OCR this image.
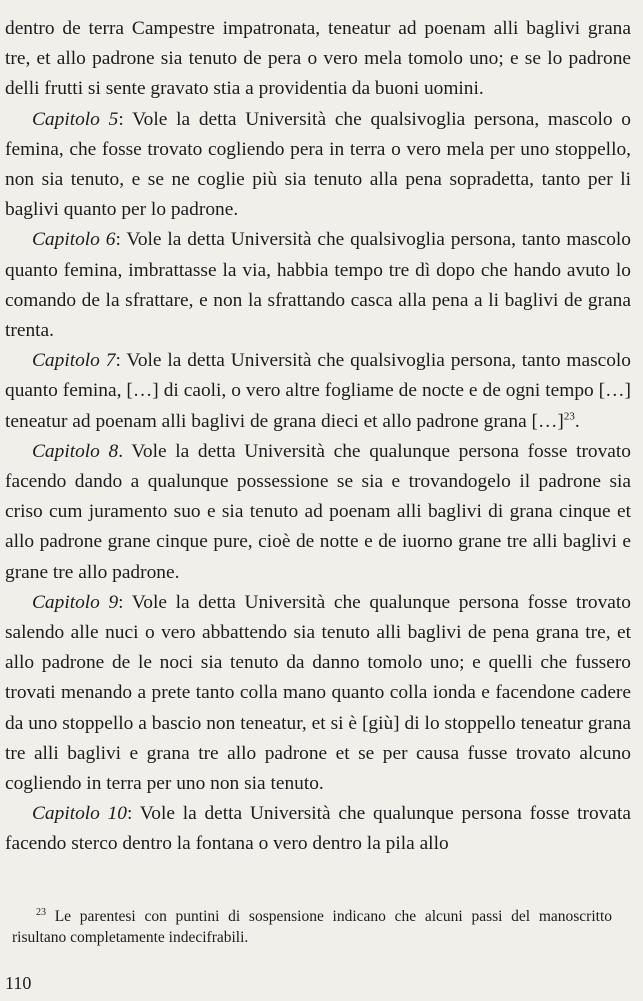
dentro de terra Campestre impatronata, teneatur ad poenam alli baglivi grana tre, et allo padrone sia tenuto de pera o vero mela tomolo uno; e se lo padrone delli frutti si sente gravato stia a providentia da buoni uomini.

Capitolo 5: Vole la detta Università che qualsivoglia persona, mascolo o femina, che fosse trovato cogliendo pera in terra o vero mela per uno stoppello, non sia tenuto, e se ne coglie più sia tenuto alla pena sopradetta, tanto per li baglivi quanto per lo padrone.

Capitolo 6: Vole la detta Università che qualsivoglia persona, tanto mascolo quanto femina, imbrattasse la via, habbia tempo tre dì dopo che hando avuto lo comando de la sfrattare, e non la sfrattando casca alla pena a li baglivi de grana trenta.

Capitolo 7: Vole la detta Università che qualsivoglia persona, tanto mascolo quanto femina, […] di caoli, o vero altre fogliame de nocte e de ogni tempo […] teneatur ad poenam alli baglivi de grana dieci et allo padrone grana […]$^{23}$.

Capitolo 8. Vole la detta Università che qualunque persona fosse trovato facendo dando a qualunque possessione se sia e trovandogelo il padrone sia criso cum juramento suo e sia tenuto ad poenam alli baglivi di grana cinque et allo padrone grane cinque pure, cioè de notte e de iuorno grane tre alli baglivi e grane tre allo padrone.

Capitolo 9: Vole la detta Università che qualunque persona fosse trovato salendo alle nuci o vero abbattendo sia tenuto alli baglivi de pena grana tre, et allo padrone de le noci sia tenuto da danno tomolo uno; e quelli che fussero trovati menando a prete tanto colla mano quanto colla ionda e facendone cadere da uno stoppello a bascio non teneatur, et si è [giù] di lo stoppello teneatur grana tre alli baglivi e grana tre allo padrone et se per causa fusse trovato alcuno cogliendo in terra per uno non sia tenuto.

Capitolo 10: Vole la detta Università che qualunque persona fosse trovata facendo sterco dentro la fontana o vero dentro la pila allo

$^{23}$ Le parentesi con puntini di sospensione indicano che alcuni passi del manoscritto risultano completamente indecifrabili.
110
